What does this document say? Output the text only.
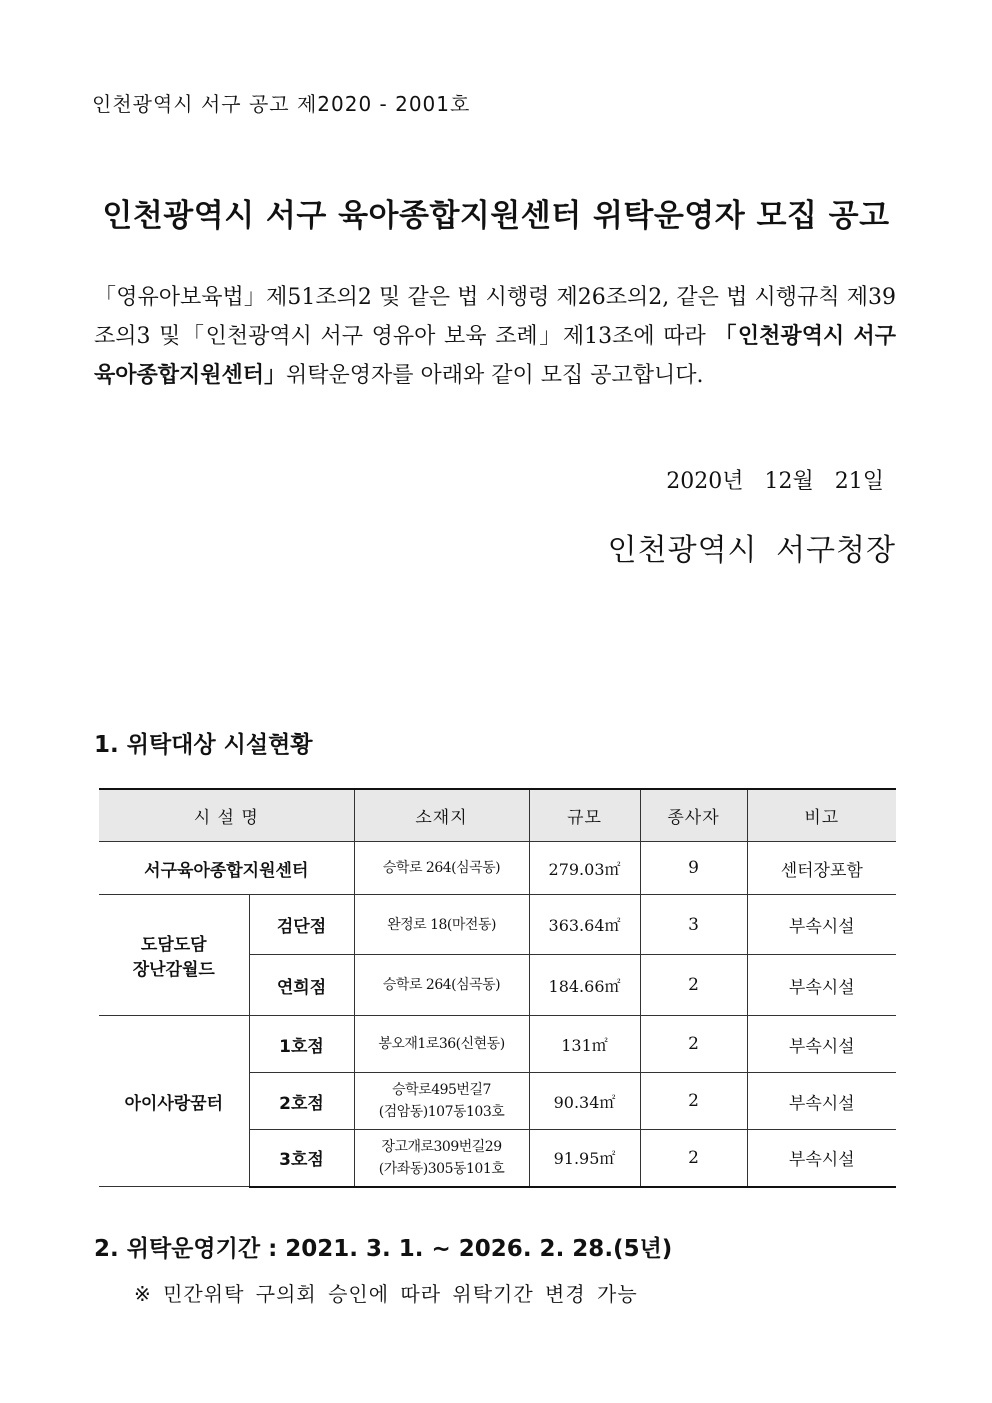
인천광역시 서구 공고 제2020 - 2001호
인천광역시 서구 육아종합지원센터 위탁운영자 모집 공고
「영유아보육법」제51조의2 및 같은 법 시행령 제26조의2, 같은 법 시행규칙 제39조의3 및「인천광역시 서구 영유아 보육 조례」제13조에 따라 「인천광역시 서구 육아종합지원센터」위탁운영자를 아래와 같이 모집 공고합니다.
2020년 12월 21일
인천광역시 서구청장
1. 위탁대상 시설현황
시 설 명		소재지	규모	종사자	비고
서구육아종합지원센터		승학로 264(심곡동)	279.03㎡	9	센터장포함
도담도담
장난감월드	검단점	완정로 18(마전동)	363.64㎡	3	부속시설
	연희점	승학로 264(심곡동)	184.66㎡	2	부속시설
아이사랑꿈터	1호점	봉오재1로36(신현동)	131㎡	2	부속시설
	2호점	승학로495번길7
(검암동)107동103호	90.34㎡	2	부속시설
	3호점	장고개로309번길29
(가좌동)305동101호	91.95㎡	2	부속시설
2. 위탁운영기간 : 2021. 3. 1. ~ 2026. 2. 28.(5년)
※ 민간위탁 구의회 승인에 따라 위탁기간 변경 가능
